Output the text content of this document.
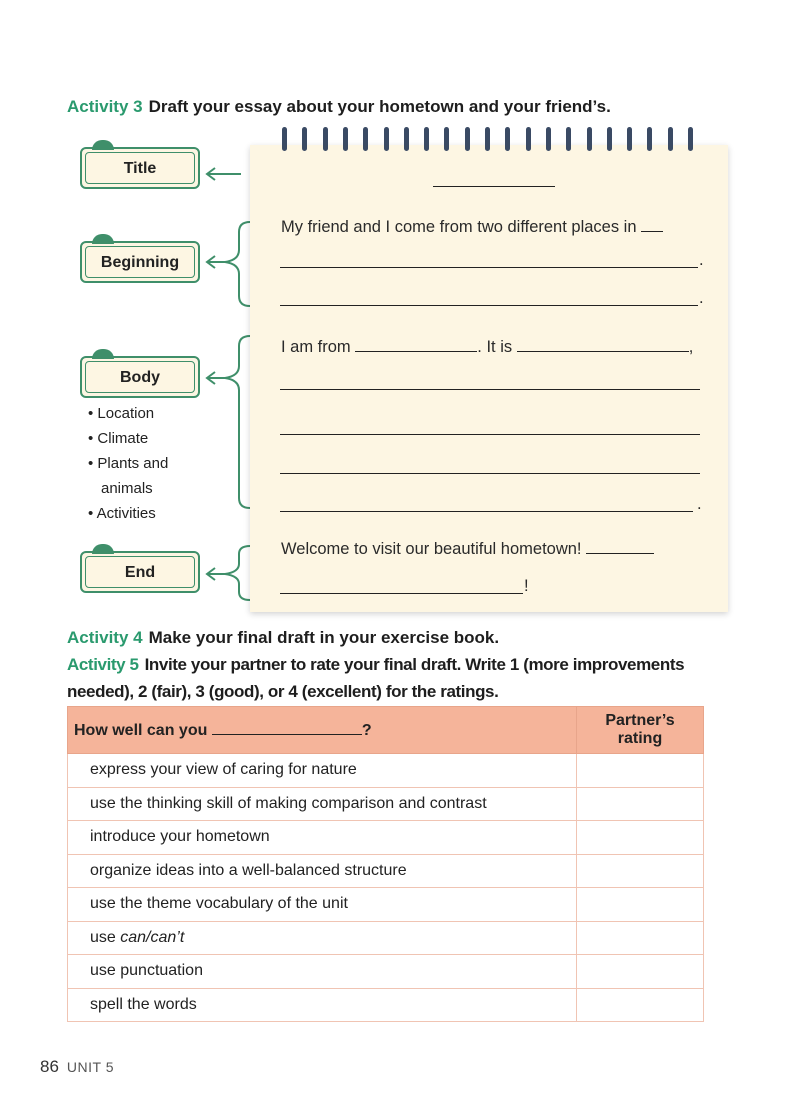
Activity 3 Draft your essay about your hometown and your friend’s.
Title
Beginning
Body
End
• Location
• Climate
• Plants and
animals
• Activities
My friend and I come from two different places in
.
.
I am from	. It is	,
.
Welcome to visit our beautiful hometown!
!
Activity 4 Make your final draft in your exercise book.
Activity 5 Invite your partner to rate your final draft. Write 1 (more improvements
needed), 2 (fair), 3 (good), or 4 (excellent) for the ratings.
How well can you ?	Partner’s
rating

express your view of caring for nature	
use the thinking skill of making comparison and contrast	
introduce your hometown	
organize ideas into a well-balanced structure	
use the theme vocabulary of the unit	
use can/can’t	
use punctuation	
spell the words	
86 UNIT 5
